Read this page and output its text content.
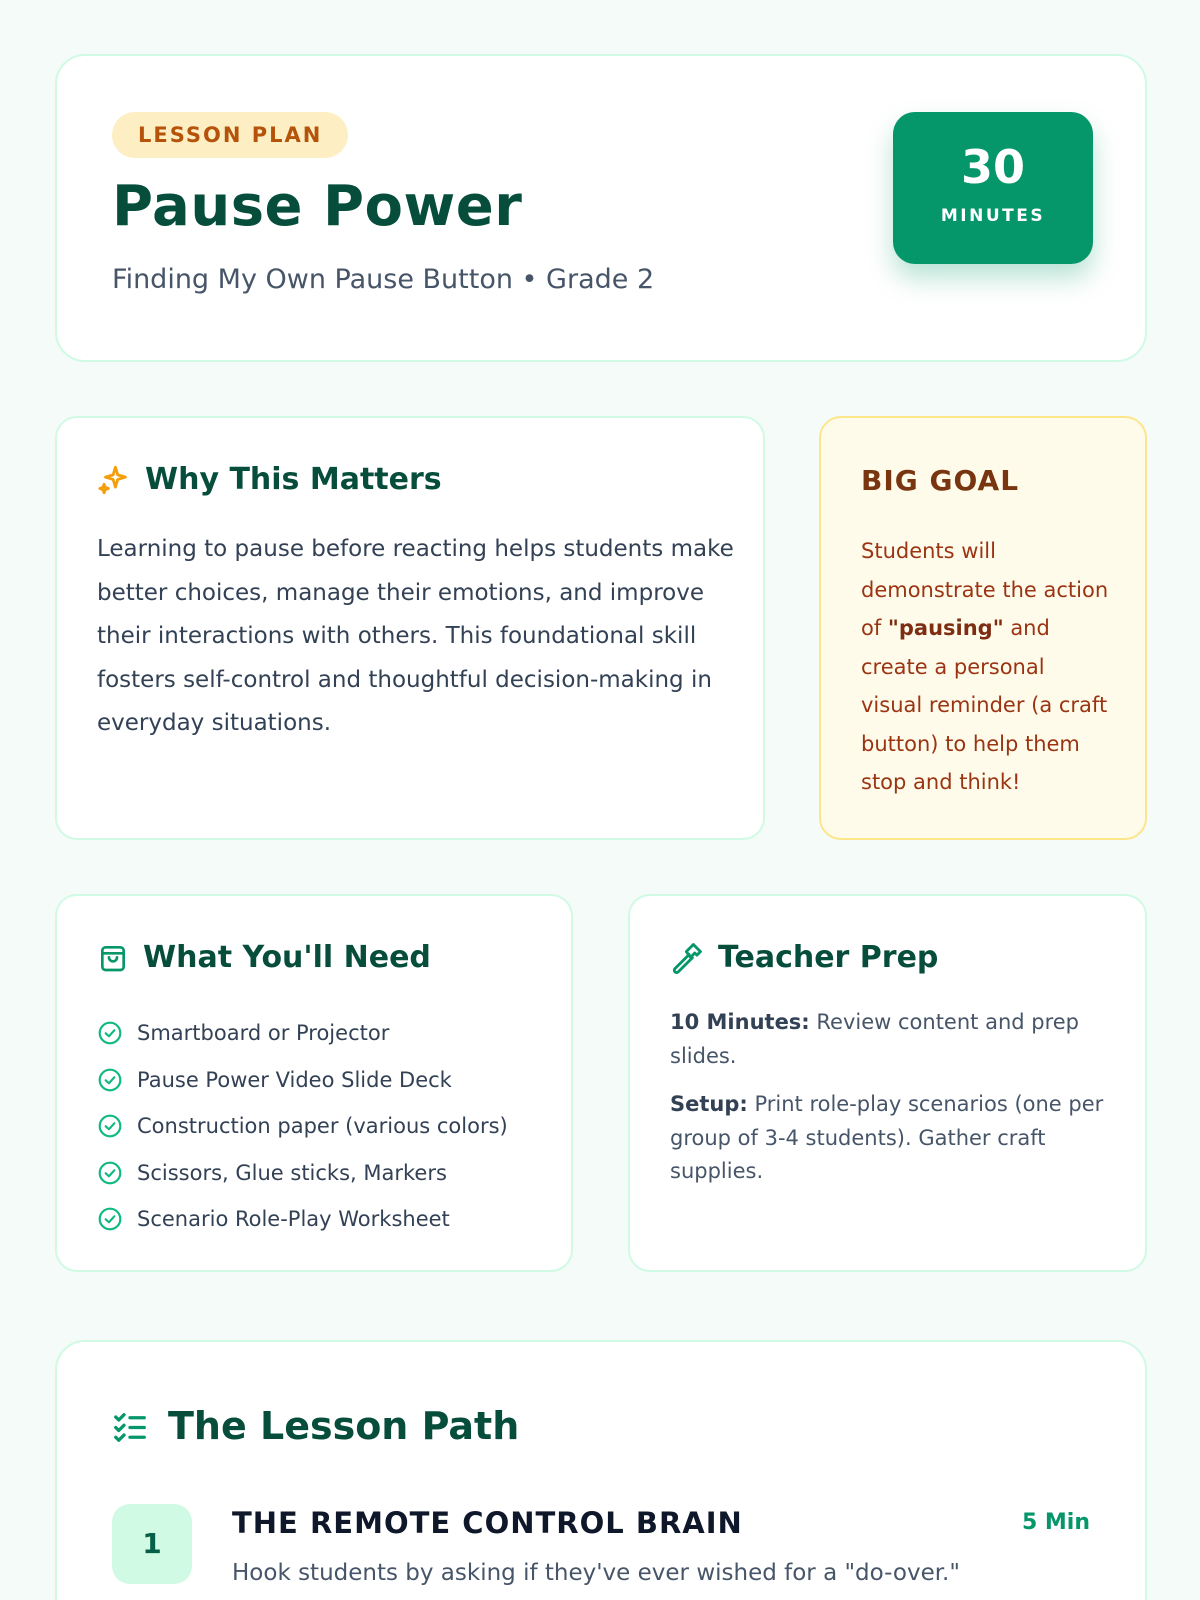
LESSON PLAN
Pause Power
Finding My Own Pause Button • Grade 2
30
MINUTES
Why This Matters

Learning to pause before reacting helps students make better choices, manage their emotions, and improve their interactions with others. This foundational skill fosters self-control and thoughtful decision-making in everyday situations.

BIG GOAL

Students will demonstrate the action of "pausing" and create a personal visual reminder (a craft button) to help them stop and think!

What You'll Need
Smartboard or Projector
Pause Power Video Slide Deck
Construction paper (various colors)
Scissors, Glue sticks, Markers
Scenario Role-Play Worksheet
Teacher Prep

10 Minutes: Review content and prep slides.

Setup: Print role-play scenarios (one per group of 3-4 students). Gather craft supplies.

The Lesson Path
1
THE REMOTE CONTROL BRAIN	5 Min
Hook students by asking if they've ever wished for a "do-over."
